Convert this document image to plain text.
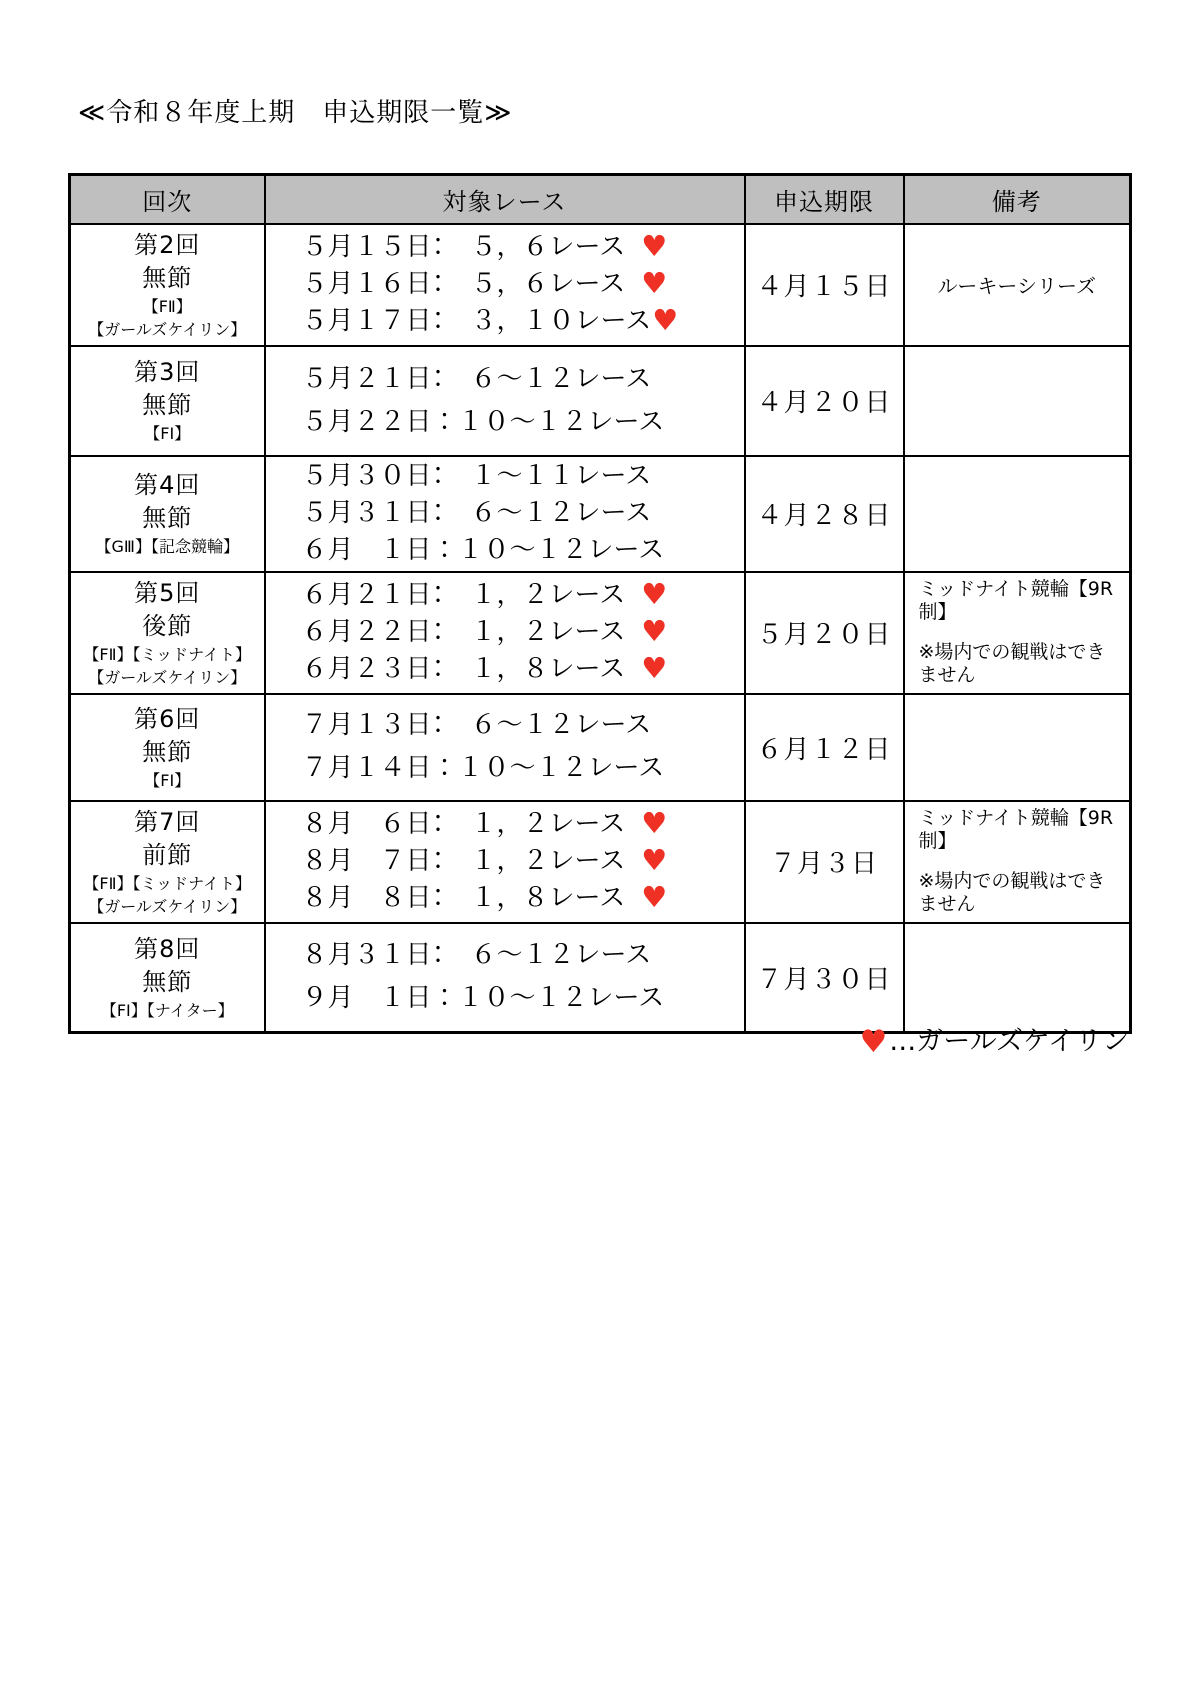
≪令和８年度上期　申込期限一覧≫
回次	対象レース	申込期限	備考

第2回
無節
【FⅡ】
【ガールズケイリン】

５月１５日：　５，６レース ♥
５月１６日：　５，６レース ♥
５月１７日：　３，１０レース ♥
	４月１５日	ルーキーシリーズ

第3回
無節
【FⅠ】

５月２１日：　６～１２レース
５月２２日：１０～１２レース
	４月２０日	

第4回
無節
【GⅢ】【記念競輪】

５月３０日：　１～１１レース
５月３１日：　６～１２レース
６月　１日：１０～１２レース
	４月２８日	

第5回
後節
【FⅡ】【ミッドナイト】
【ガールズケイリン】

６月２１日：　１，２レース ♥
６月２２日：　１，２レース ♥
６月２３日：　１，８レース ♥
	５月２０日	
ミッドナイト競輪【9R制】
※場内での観戦はできません

第6回
無節
【FⅠ】

７月１３日：　６～１２レース
７月１４日：１０～１２レース
	６月１２日	

第7回
前節
【FⅡ】【ミッドナイト】
【ガールズケイリン】

８月　６日：　１，２レース ♥
８月　７日：　１，２レース ♥
８月　８日：　１，８レース ♥
	７月３日	
ミッドナイト競輪【9R制】
※場内での観戦はできません

第8回
無節
【FⅠ】【ナイター】

８月３１日：　６～１２レース
９月　１日：１０～１２レース
	７月３０日	
♥…ガールズケイリン
